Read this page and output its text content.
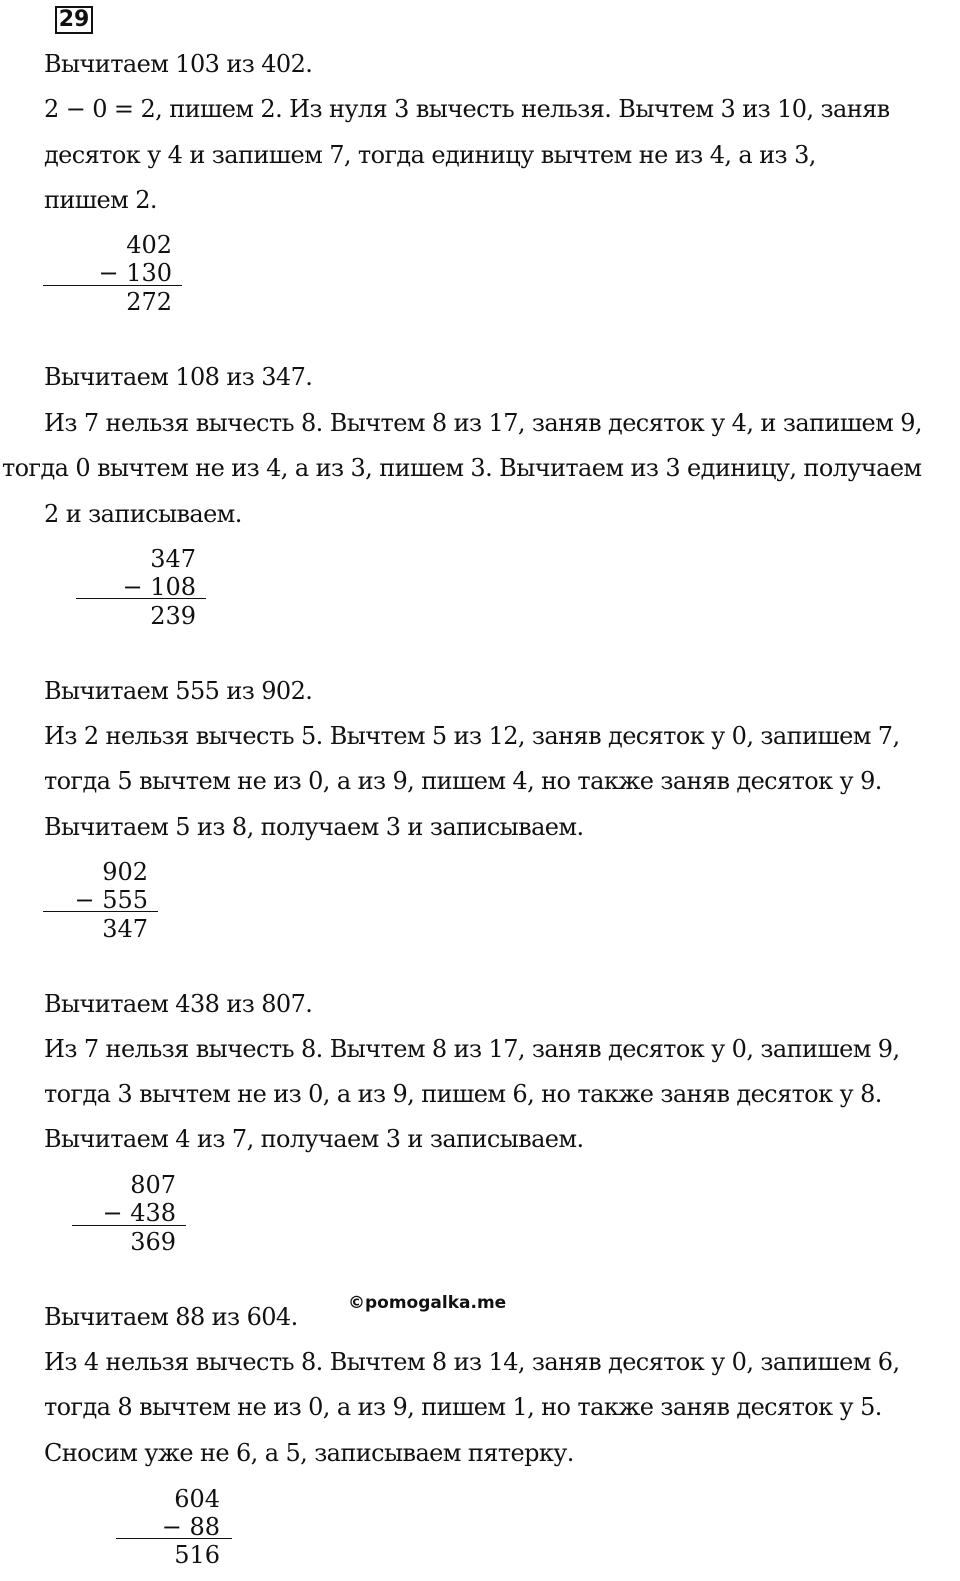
29
Вычитаем 103 из 402.
2 − 0 = 2, пишем 2. Из нуля 3 вычесть нельзя. Вычтем 3 из 10, заняв
десяток у 4 и запишем 7, тогда единицу вычтем не из 4, а из 3,
пишем 2.
402
− 130
272
Вычитаем 108 из 347.
Из 7 нельзя вычесть 8. Вычтем 8 из 17, заняв десяток у 4, и запишем 9,
тогда 0 вычтем не из 4, а из 3, пишем 3. Вычитаем из 3 единицу, получаем
2 и записываем.
347
− 108
239
Вычитаем 555 из 902.
Из 2 нельзя вычесть 5. Вычтем 5 из 12, заняв десяток у 0, запишем 7,
тогда 5 вычтем не из 0, а из 9, пишем 4, но также заняв десяток у 9.
Вычитаем 5 из 8, получаем 3 и записываем.
902
− 555
347
Вычитаем 438 из 807.
Из 7 нельзя вычесть 8. Вычтем 8 из 17, заняв десяток у 0, запишем 9,
тогда 3 вычтем не из 0, а из 9, пишем 6, но также заняв десяток у 8.
Вычитаем 4 из 7, получаем 3 и записываем.
807
− 438
369
©pomogalka.me
Вычитаем 88 из 604.
Из 4 нельзя вычесть 8. Вычтем 8 из 14, заняв десяток у 0, запишем 6,
тогда 8 вычтем не из 0, а из 9, пишем 1, но также заняв десяток у 5.
Сносим уже не 6, а 5, записываем пятерку.
604
− 88
516
